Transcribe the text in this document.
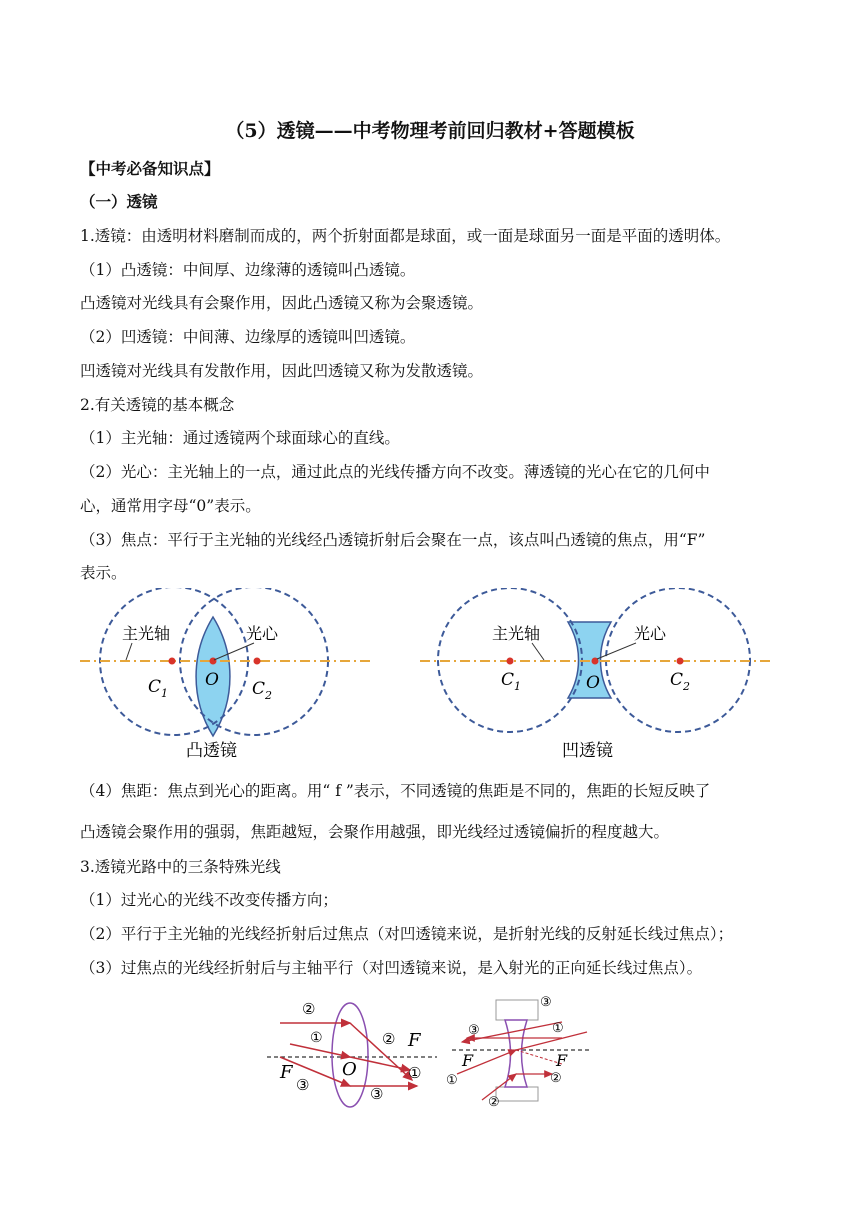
（5）透镜——中考物理考前回归教材+答题模板
【中考必备知识点】
（一）透镜
1.透镜：由透明材料磨制而成的，两个折射面都是球面，或一面是球面另一面是平面的透明体。
（1）凸透镜：中间厚、边缘薄的透镜叫凸透镜。
凸透镜对光线具有会聚作用，因此凸透镜又称为会聚透镜。
（2）凹透镜：中间薄、边缘厚的透镜叫凹透镜。
凹透镜对光线具有发散作用，因此凹透镜又称为发散透镜。
2.有关透镜的基本概念
（1）主光轴：通过透镜两个球面球心的直线。
（2）光心：主光轴上的一点，通过此点的光线传播方向不改变。薄透镜的光心在它的几何中
心，通常用字母“0”表示。
（3）焦点：平行于主光轴的光线经凸透镜折射后会聚在一点，该点叫凸透镜的焦点，用“F”
表示。
主光轴	光心
$C_1$
O $C_2$
凸透镜
主光轴	光心
$C_1$	O	$C_2$
凹透镜
（4）焦距：焦点到光心的距离。用“ f ”表示，不同透镜的焦距是不同的，焦距的长短反映了
凸透镜会聚作用的强弱，焦距越短，会聚作用越强，即光线经过透镜偏折的程度越大。
3.透镜光路中的三条特殊光线
（1）过光心的光线不改变传播方向；
（2）平行于主光轴的光线经折射后过焦点（对凹透镜来说，是折射光线的反射延长线过焦点）；
（3）过焦点的光线经折射后与主轴平行（对凹透镜来说，是入射光的正向延长线过焦点）。
②
①	② F
F
③
O	①
③
③
③	①
F	F
①	②
②
